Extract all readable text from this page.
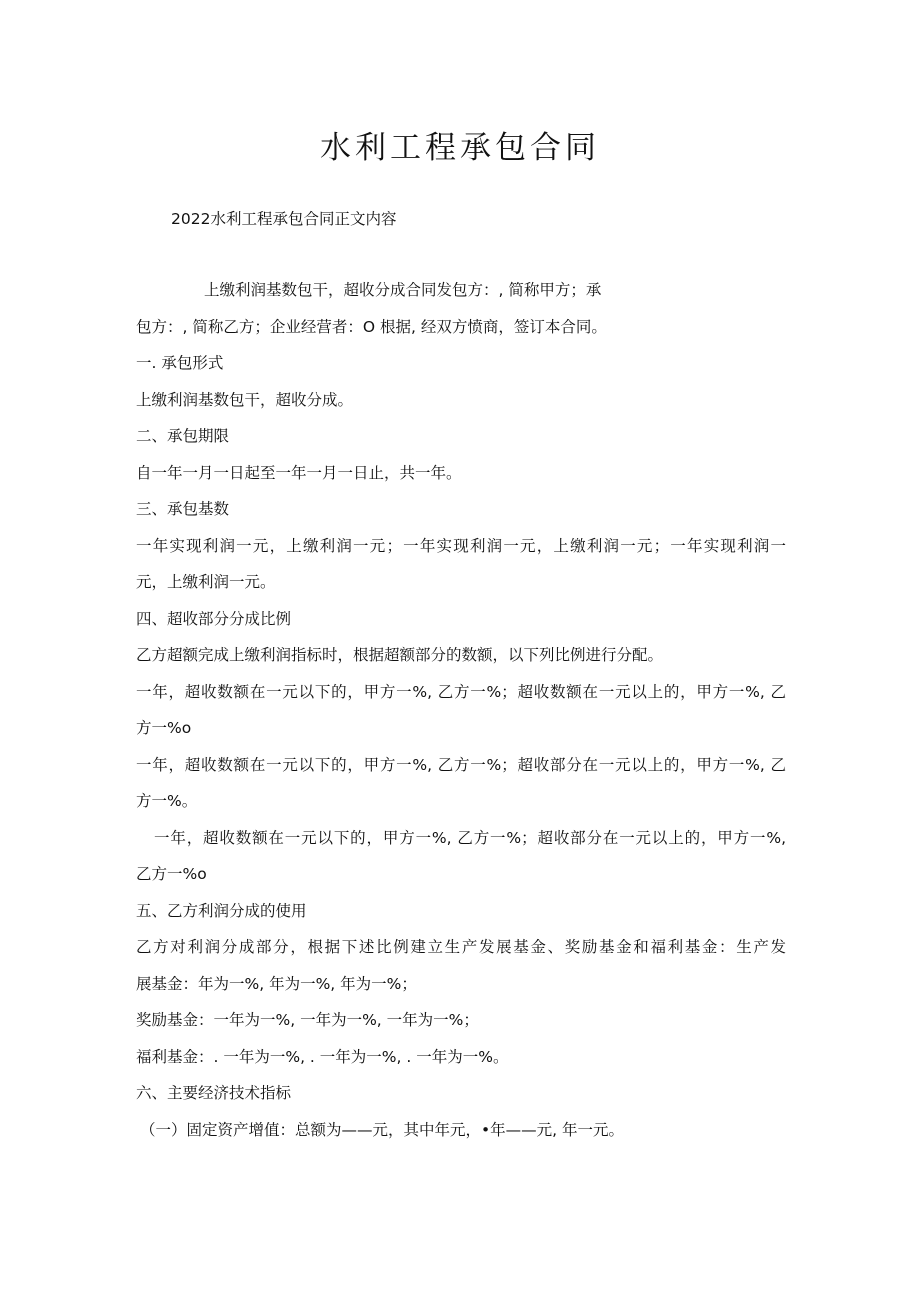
水利工程承包合同
2022水利工程承包合同正文内容
上缴利润基数包干，超收分成合同发包方：, 简称甲方；承
包方：, 简称乙方；企业经营者：O 根据, 经双方愤商，签订本合同。
一. 承包形式
上缴利润基数包干，超收分成。
二、承包期限
自一年一月一日起至一年一月一日止，共一年。
三、承包基数
一年实现利润一元，上缴利润一元；一年实现利润一元，上缴利润一元；一年实现利润一
元，上缴利润一元。
四、超收部分分成比例
乙方超额完成上缴利润指标时，根据超额部分的数额，以下列比例进行分配。
一年，超收数额在一元以下的，甲方一%, 乙方一%；超收数额在一元以上的，甲方一%, 乙
方一%o
一年，超收数额在一元以下的，甲方一%, 乙方一%；超收部分在一元以上的，甲方一%, 乙
方一%。
一年，超收数额在一元以下的，甲方一%, 乙方一%；超收部分在一元以上的，甲方一%,
乙方一%o
五、乙方利润分成的使用
乙方对利润分成部分，根据下述比例建立生产发展基金、奖励基金和福利基金：生产发
展基金：年为一%, 年为一%, 年为一%；
奖励基金：一年为一%, 一年为一%, 一年为一%；
福利基金：. 一年为一%, . 一年为一%, . 一年为一%。
六、主要经济技术指标
（一）固定资产增值：总额为——元，其中年元，•年——元, 年一元。
